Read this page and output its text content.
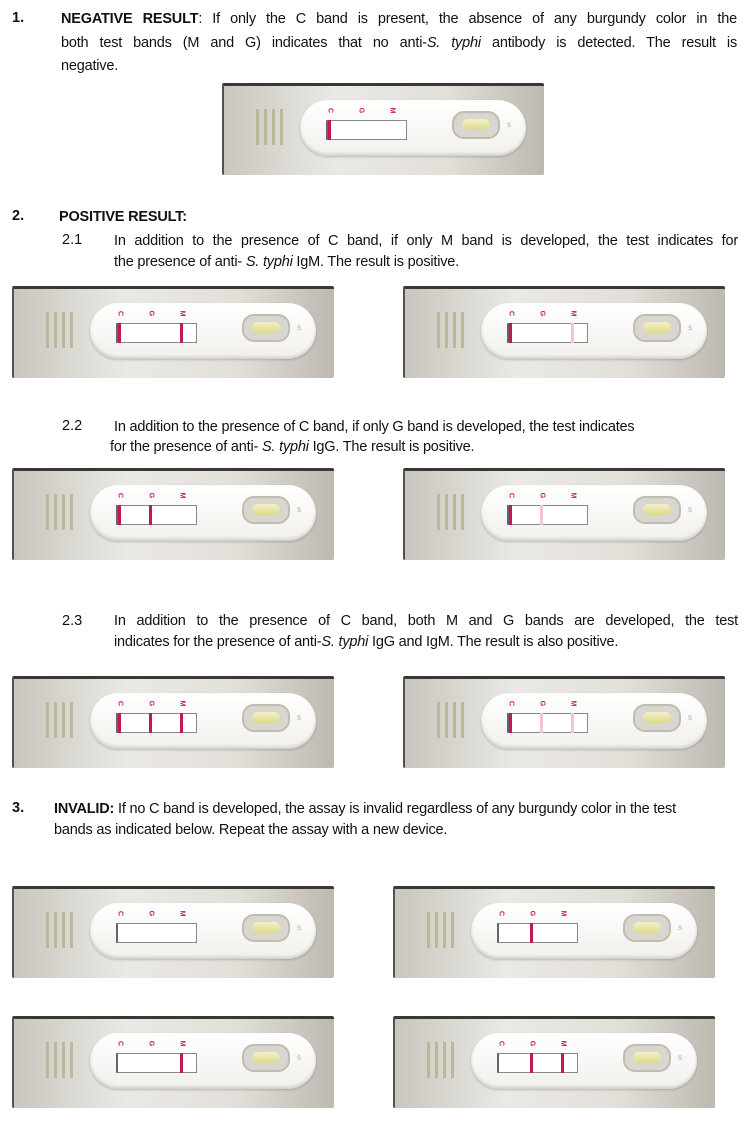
1.	NEGATIVE RESULT: If only the C band is present, the absence of any burgundy color in the
both test bands (M and G) indicates that no anti-S. typhi antibody is detected. The result is
negative.
C	G	M
S
2. POSITIVE RESULT:
2.1 In addition to the presence of C band, if only M band is developed, the test indicates for
the presence of anti- S. typhi IgM. The result is positive.
C	G	M
S
C	G	M
S
2.2 In addition to the presence of C band, if only G band is developed, the test indicates
for the presence of anti- S. typhi IgG. The result is positive.
C	G	M
S
C	G	M
S
2.3 In addition to the presence of C band, both M and G bands are developed, the test
indicates for the presence of anti-S. typhi IgG and IgM. The result is also positive.
C	G	M
S
C	G	M
S
3. INVALID: If no C band is developed, the assay is invalid regardless of any burgundy color in the test
bands as indicated below. Repeat the assay with a new device.
C	G	M
S
C	G	M
S
C	G	M
S
C	G	M
S
